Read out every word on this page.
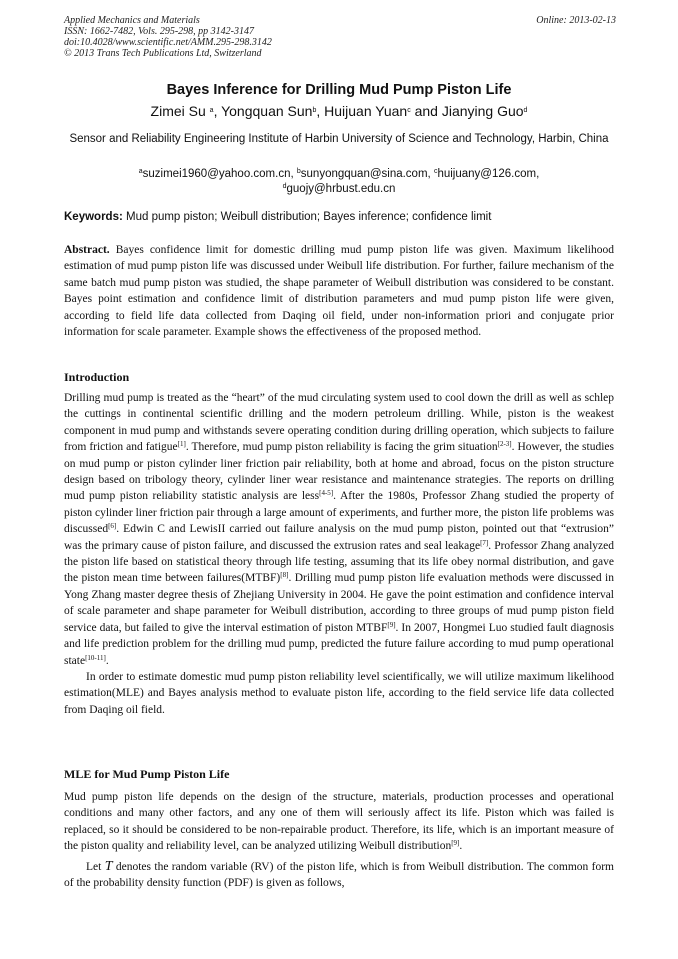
Applied Mechanics and Materials
ISSN: 1662-7482, Vols. 295-298, pp 3142-3147
doi:10.4028/www.scientific.net/AMM.295-298.3142
© 2013 Trans Tech Publications Ltd, Switzerland
Online: 2013-02-13
Bayes Inference for Drilling Mud Pump Piston Life
Zimei Su $^a$, Yongquan Sun$^b$, Huijuan Yuan$^c$ and Jianying Guo$^d$
Sensor and Reliability Engineering Institute of Harbin University of Science and Technology, Harbin, China
$^a$suzimei1960@yahoo.com.cn, $^b$sunyongquan@sina.com, $^c$huijuany@126.com,
$^d$guojy@hrbust.edu.cn
Keywords: Mud pump piston; Weibull distribution; Bayes inference; confidence limit

Abstract. Bayes confidence limit for domestic drilling mud pump piston life was given. Maximum likelihood estimation of mud pump piston life was discussed under Weibull life distribution. For further, failure mechanism of the same batch mud pump piston was studied, the shape parameter of Weibull distribution was considered to be constant. Bayes point estimation and confidence limit of distribution parameters and mud pump piston life were given, according to field life data collected from Daqing oil field, under non-information priori and conjugate prior information for scale parameter. Example shows the effectiveness of the proposed method.

Introduction

Drilling mud pump is treated as the “heart” of the mud circulating system used to cool down the drill as well as schlep the cuttings in continental scientific drilling and the modern petroleum drilling. While, piston is the weakest component in mud pump and withstands severe operating condition during drilling operation, which subjects to failure from friction and fatigue[1]. Therefore, mud pump piston reliability is facing the grim situation[2-3]. However, the studies on mud pump or piston cylinder liner friction pair reliability, both at home and abroad, focus on the piston structure design based on tribology theory, cylinder liner wear resistance and maintenance strategies. The reports on drilling mud pump piston reliability statistic analysis are less[4-5]. After the 1980s, Professor Zhang studied the property of piston cylinder liner friction pair through a large amount of experiments, and further more, the piston life problems was discussed[6]. Edwin C and LewisII carried out failure analysis on the mud pump piston, pointed out that “extrusion” was the primary cause of piston failure, and discussed the extrusion rates and seal leakage[7]. Professor Zhang analyzed the piston life based on statistical theory through life testing, assuming that its life obey normal distribution, and gave the piston mean time between failures(MTBF)[8]. Drilling mud pump piston life evaluation methods were discussed in Yong Zhang master degree thesis of Zhejiang University in 2004. He gave the point estimation and confidence interval of scale parameter and shape parameter for Weibull distribution, according to three groups of mud pump piston field service data, but failed to give the interval estimation of piston MTBF[9]. In 2007, Hongmei Luo studied fault diagnosis and life prediction problem for the drilling mud pump, predicted the future failure according to mud pump operational state[10-11].

In order to estimate domestic mud pump piston reliability level scientifically, we will utilize maximum likelihood estimation(MLE) and Bayes analysis method to evaluate piston life, according to the field service life data collected from Daqing oil field.

MLE for Mud Pump Piston Life

Mud pump piston life depends on the design of the structure, materials, production processes and operational conditions and many other factors, and any one of them will seriously affect its life. Piston which was failed is replaced, so it should be considered to be non-repairable product. Therefore, its life, which is an important measure of the piston quality and reliability level, can be analyzed utilizing Weibull distribution[9].

Let T denotes the random variable (RV) of the piston life, which is from Weibull distribution. The common form of the probability density function (PDF) is given as follows,
